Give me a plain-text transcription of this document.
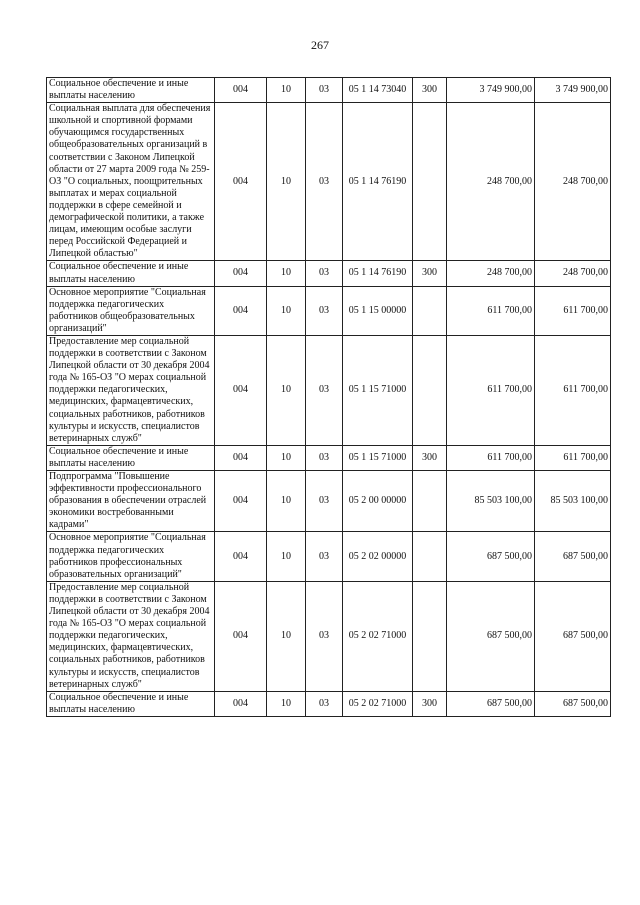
267
Социальное обеспечение и иные выплаты населению	004	10	03	05 1 14 73040	300	3 749 900,00	3 749 900,00
Социальная выплата для обеспечения школьной и спортивной формами обучающимся государственных общеобразовательных организаций в соответствии с Законом Липецкой области от 27 марта 2009 года № 259-ОЗ "О социальных, поощрительных выплатах и мерах социальной поддержки в сфере семейной и демографической политики, а также лицам, имеющим особые заслуги перед Российской Федерацией и Липецкой областью"	004	10	03	05 1 14 76190		248 700,00	248 700,00
Социальное обеспечение и иные выплаты населению	004	10	03	05 1 14 76190	300	248 700,00	248 700,00
Основное мероприятие "Социальная поддержка педагогических работников общеобразовательных организаций"	004	10	03	05 1 15 00000		611 700,00	611 700,00
Предоставление мер социальной поддержки в соответствии с Законом Липецкой области от 30 декабря 2004 года № 165-ОЗ "О мерах социальной поддержки педагогических, медицинских, фармацевтических, социальных работников, работников культуры и искусств, специалистов ветеринарных служб"	004	10	03	05 1 15 71000		611 700,00	611 700,00
Социальное обеспечение и иные выплаты населению	004	10	03	05 1 15 71000	300	611 700,00	611 700,00
Подпрограмма "Повышение эффективности профессионального образования в обеспечении отраслей экономики востребованными кадрами"	004	10	03	05 2 00 00000		85 503 100,00	85 503 100,00
Основное мероприятие "Социальная поддержка педагогических работников профессиональных образовательных организаций"	004	10	03	05 2 02 00000		687 500,00	687 500,00
Предоставление мер социальной поддержки в соответствии с Законом Липецкой области от 30 декабря 2004 года № 165-ОЗ "О мерах социальной поддержки педагогических, медицинских, фармацевтических, социальных работников, работников культуры и искусств, специалистов ветеринарных служб"	004	10	03	05 2 02 71000		687 500,00	687 500,00
Социальное обеспечение и иные выплаты населению	004	10	03	05 2 02 71000	300	687 500,00	687 500,00
